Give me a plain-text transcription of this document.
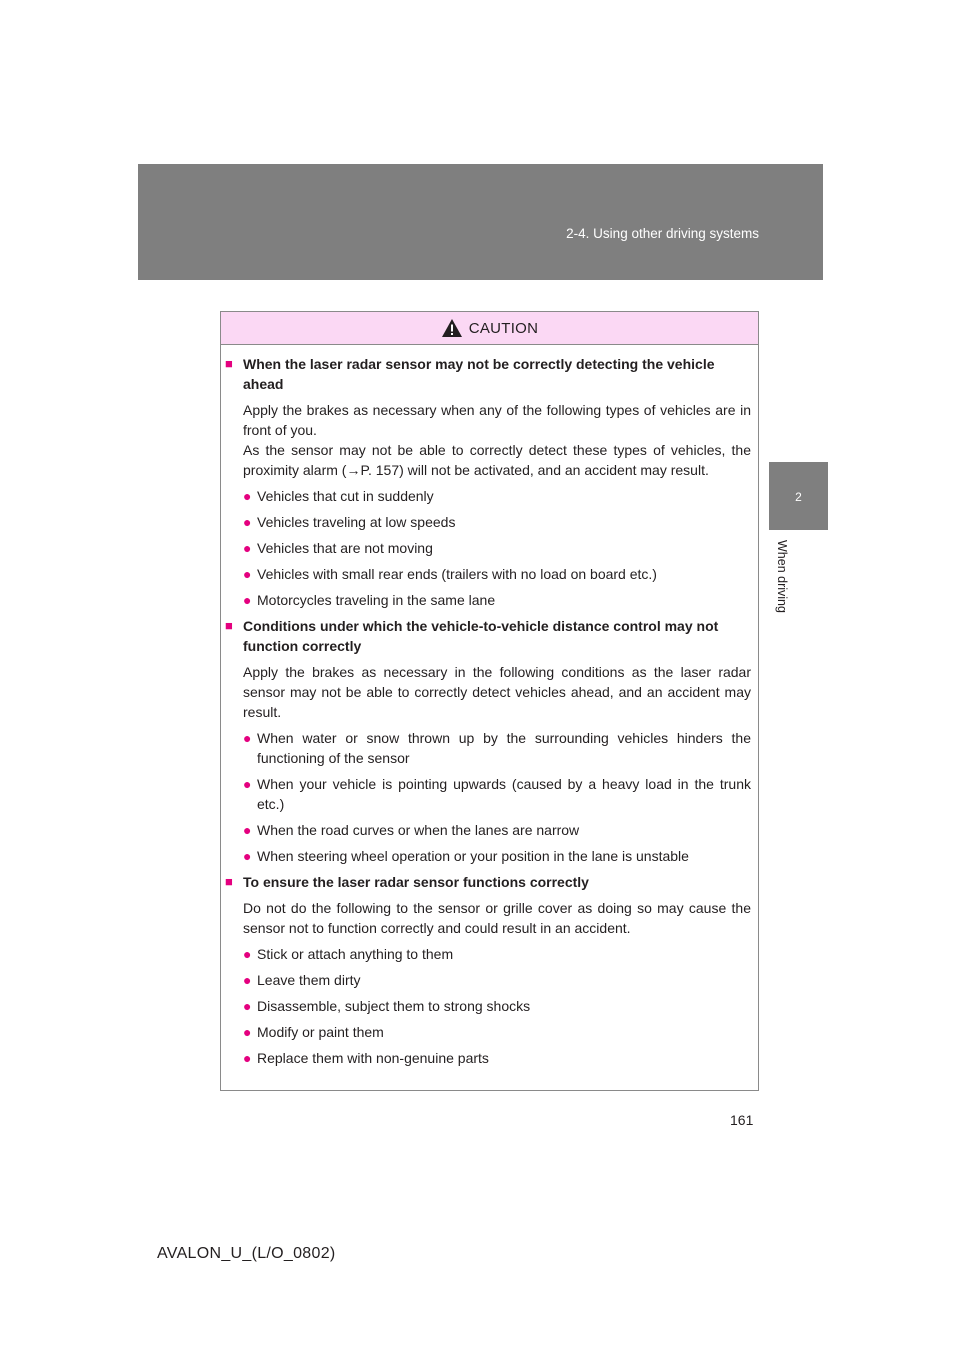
2-4. Using other driving systems
2
When driving
CAUTION
■ When the laser radar sensor may not be correctly detecting the vehicle ahead
Apply the brakes as necessary when any of the following types of vehicles are in front of you.
As the sensor may not be able to correctly detect these types of vehicles, the proximity alarm (→P. 157) will not be activated, and an accident may result.
● Vehicles that cut in suddenly
● Vehicles traveling at low speeds
● Vehicles that are not moving
● Vehicles with small rear ends (trailers with no load on board etc.)
● Motorcycles traveling in the same lane
■ Conditions under which the vehicle-to-vehicle distance control may not function correctly
Apply the brakes as necessary in the following conditions as the laser radar sensor may not be able to correctly detect vehicles ahead, and an accident may result.
● When water or snow thrown up by the surrounding vehicles hinders the functioning of the sensor
● When your vehicle is pointing upwards (caused by a heavy load in the trunk etc.)
● When the road curves or when the lanes are narrow
● When steering wheel operation or your position in the lane is unstable
■ To ensure the laser radar sensor functions correctly
Do not do the following to the sensor or grille cover as doing so may cause the sensor not to function correctly and could result in an accident.
● Stick or attach anything to them
● Leave them dirty
● Disassemble, subject them to strong shocks
● Modify or paint them
● Replace them with non-genuine parts
161
AVALON_U_(L/O_0802)
